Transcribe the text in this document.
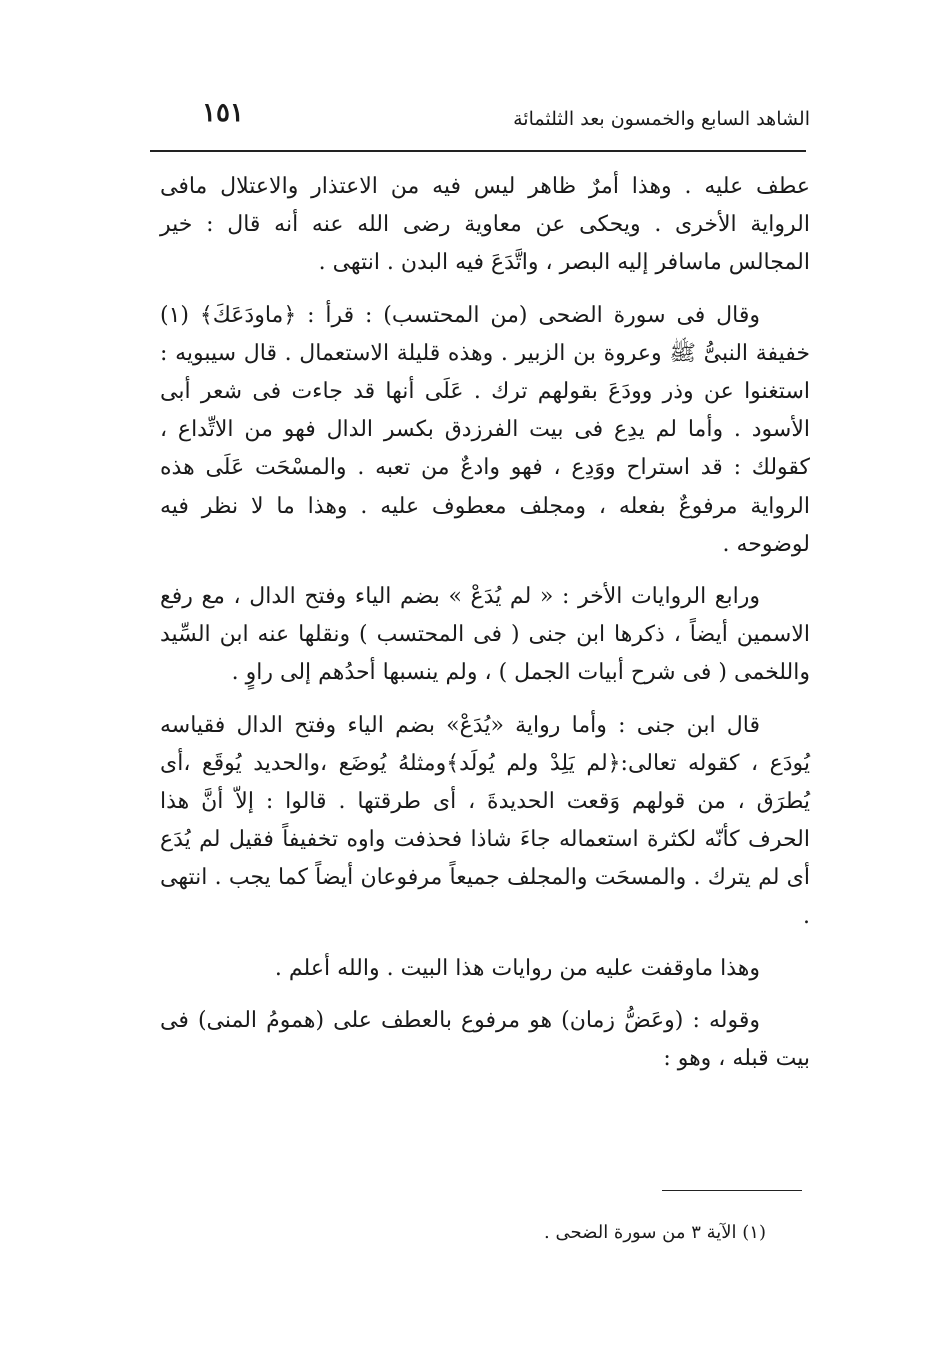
الشاهد السابع والخمسون بعد الثلثمائة
١٥١

عطف عليه . وهذا أمرٌ ظاهر ليس فيه من الاعتذار والاعتلال مافى الرواية الأخرى . ويحكى عن معاوية رضى الله عنه أنه قال : خير المجالس ماسافر إليه البصر ، واتَّدَعَ فيه البدن . انتهى .

وقال فى سورة الضحى (من المحتسب) : قرأ : ﴿ماودَعَكَ﴾ (١) خفيفة النبىُّ ﷺ وعروة بن الزبير . وهذه قليلة الاستعمال . قال سيبويه : استغنوا عن وذر وودَعَ بقولهم ترك . عَلَى أنها قد جاءت فى شعر أبى الأسود . وأما لم يدِع فى بيت الفرزدق بكسر الدال فهو من الاتِّداع ، كقولك : قد استراح ووَدِع ، فهو وادعٌ من تعبه . والمسْحَت عَلَى هذه الرواية مرفوعٌ بفعله ، ومجلف معطوف عليه . وهذا ما لا نظر فيه لوضوحه .

ورابع الروايات الأخر : « لم يُدَعْ » بضم الياء وفتح الدال ، مع رفع الاسمين أيضاً ، ذكرها ابن جنى ( فى المحتسب ) ونقلها عنه ابن السِّيد واللخمى ( فى شرح أبيات الجمل ) ، ولم ينسبها أحدُهم إلى راوٍ .

قال ابن جنى : وأما رواية «يُدَعْ» بضم الياء وفتح الدال فقياسه يُودَع ، كقوله تعالى:﴿لم يَلِدْ ولم يُولَد﴾ومثلهُ يُوضَع ،والحديد يُوقَع ،أى يُطرَق ، من قولهم وَقعت الحديدةَ ، أى طرقتها . قالوا : إلاّ أنَّ هذا الحرف كأنّه لكثرة استعماله جاءَ شاذا فحذفت واوه تخفيفاً فقيل لم يُدَع أى لم يترك . والمسحَت والمجلف جميعاً مرفوعان أيضاً كما يجب . انتهى .

وهذا ماوقفت عليه من روايات هذا البيت . والله أعلم .

وقوله : (وعَضُّ زمان) هو مرفوع بالعطف على (همومُ المنى) فى بيت قبله ، وهو :

(١) الآية ٣ من سورة الضحى .
